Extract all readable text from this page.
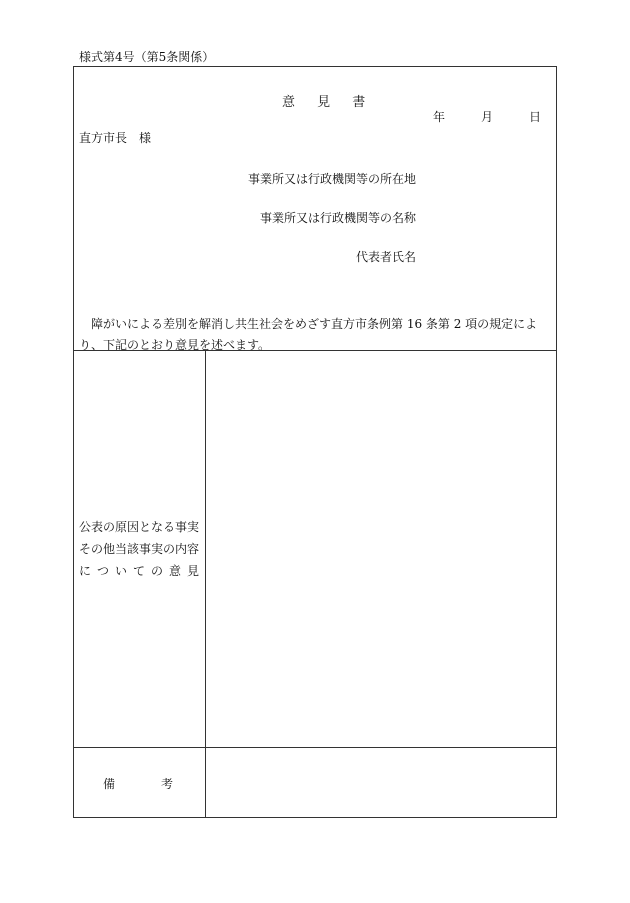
様式第4号（第5条関係）
意 見 書
年	月	日
直方市長　様
事業所又は行政機関等の所在地
事業所又は行政機関等の名称
代表者氏名
障がいによる差別を解消し共生社会をめざす直方市条例第 16 条第 2 項の規定により、下記のとおり意見を述べます。
公表の原因となる事実
その他当該事実の内容
に つ い て の 意 見
備　　考
